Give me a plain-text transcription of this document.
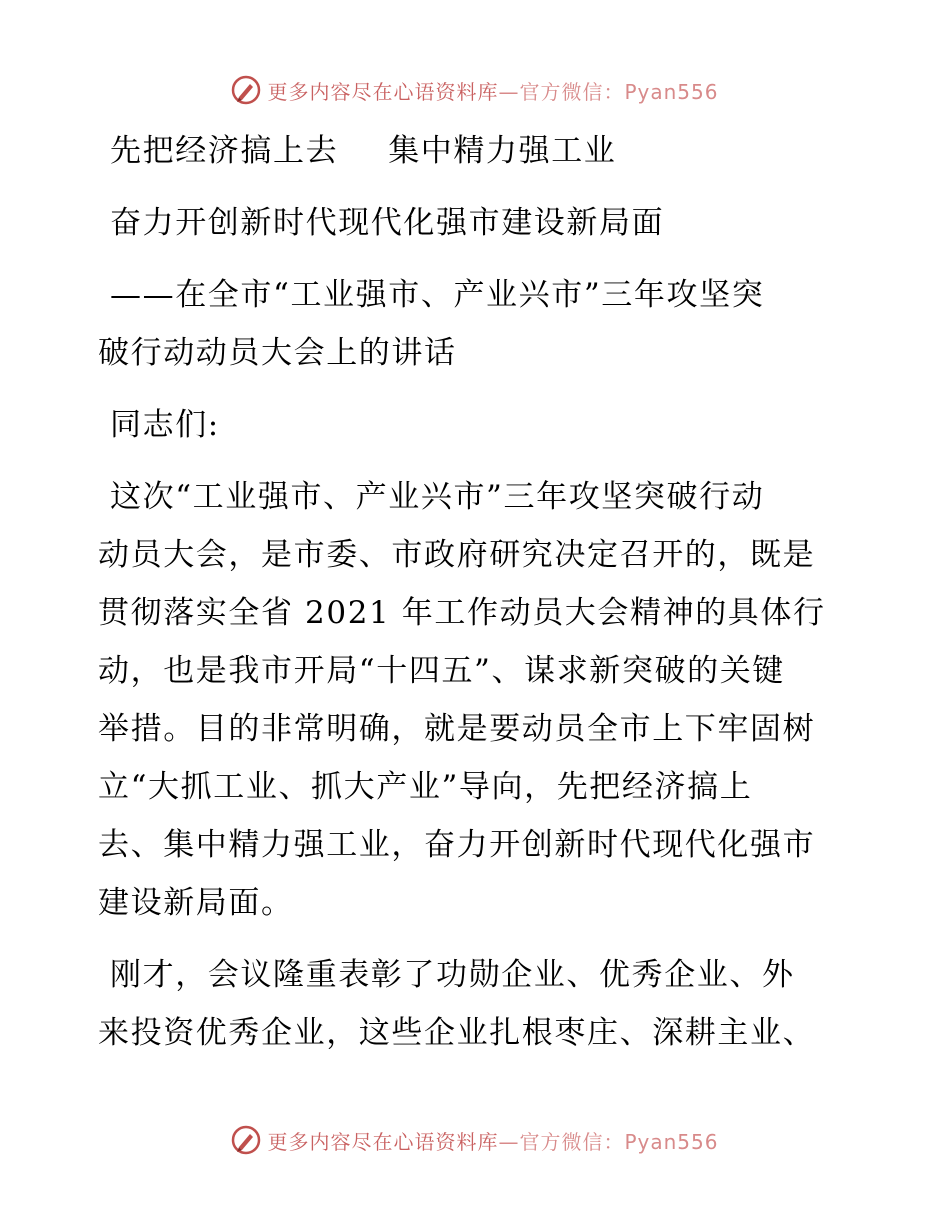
更多内容尽在心语资料库—官方微信：Pyan556
先把经济搞上去 集中精力强工业
奋力开创新时代现代化强市建设新局面
——在全市“工业强市、产业兴市”三年攻坚突
破行动动员大会上的讲话
同志们:
这次“工业强市、产业兴市”三年攻坚突破行动
动员大会，是市委、市政府研究决定召开的，既是
贯彻落实全省 2021 年工作动员大会精神的具体行
动，也是我市开局“十四五”、谋求新突破的关键
举措。目的非常明确，就是要动员全市上下牢固树
立“大抓工业、抓大产业”导向，先把经济搞上
去、集中精力强工业，奋力开创新时代现代化强市
建设新局面。
刚才，会议隆重表彰了功勋企业、优秀企业、外
来投资优秀企业，这些企业扎根枣庄、深耕主业、
更多内容尽在心语资料库—官方微信：Pyan556
